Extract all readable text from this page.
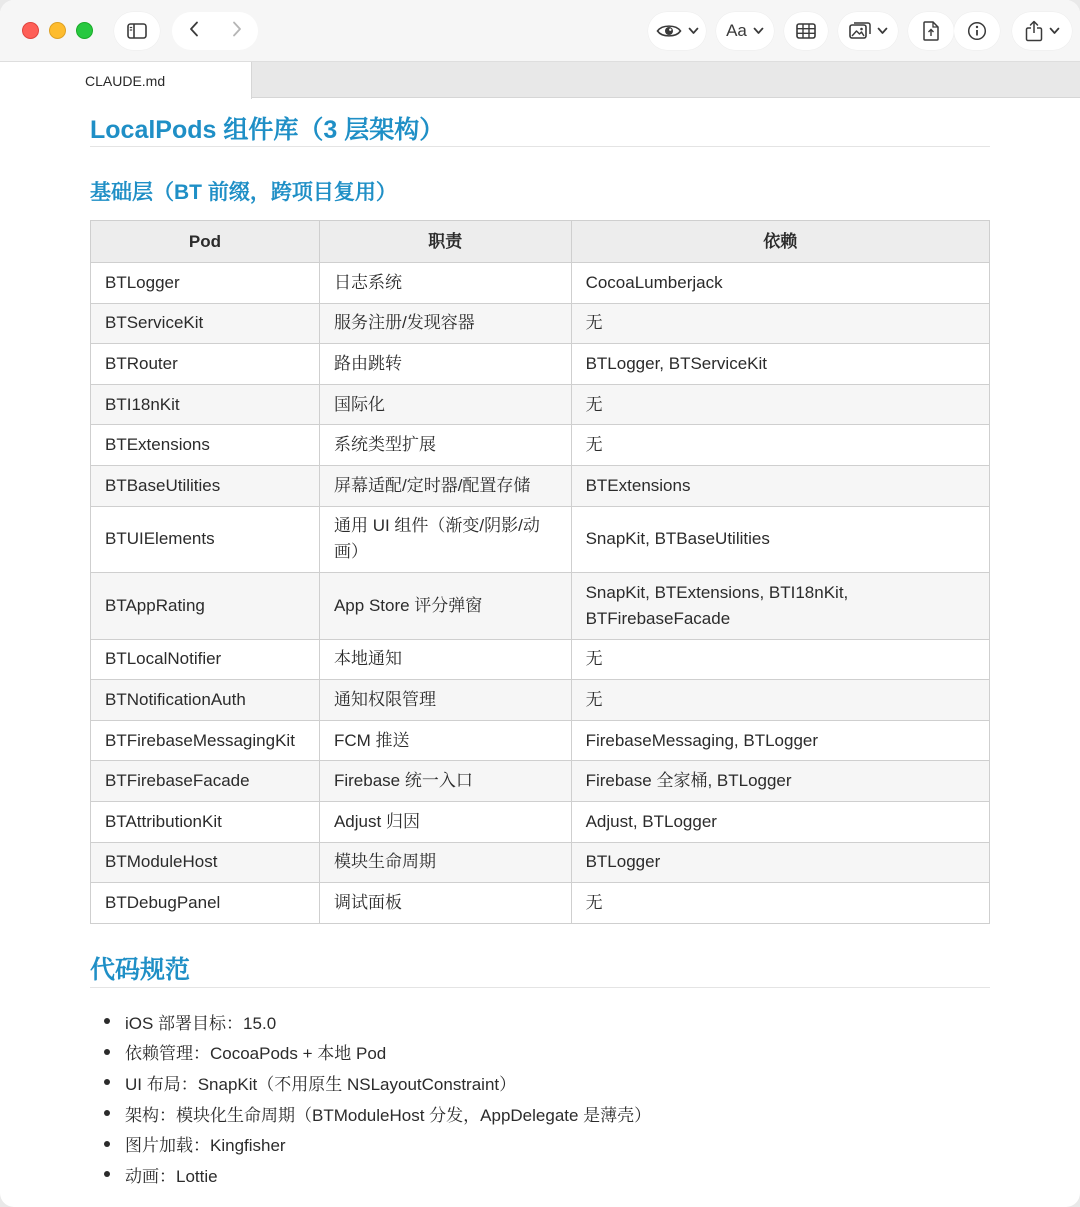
Aa
CLAUDE.md
LocalPods 组件库（3 层架构）
基础层（BT 前缀，跨项目复用）
Pod	职责	依赖
BTLogger	日志系统	CocoaLumberjack
BTServiceKit	服务注册/发现容器	无
BTRouter	路由跳转	BTLogger, BTServiceKit
BTI18nKit	国际化	无
BTExtensions	系统类型扩展	无
BTBaseUtilities	屏幕适配/定时器/配置存储	BTExtensions
BTUIElements	通用 UI 组件（渐变/阴影/动画）	SnapKit, BTBaseUtilities
BTAppRating	App Store 评分弹窗	SnapKit, BTExtensions, BTI18nKit, BTFirebaseFacade
BTLocalNotifier	本地通知	无
BTNotificationAuth	通知权限管理	无
BTFirebaseMessagingKit	FCM 推送	FirebaseMessaging, BTLogger
BTFirebaseFacade	Firebase 统一入口	Firebase 全家桶, BTLogger
BTAttributionKit	Adjust 归因	Adjust, BTLogger
BTModuleHost	模块生命周期	BTLogger
BTDebugPanel	调试面板	无
代码规范
iOS 部署目标：15.0
依赖管理：CocoaPods + 本地 Pod
UI 布局：SnapKit（不用原生 NSLayoutConstraint）
架构：模块化生命周期（BTModuleHost 分发，AppDelegate 是薄壳）
图片加载：Kingfisher
动画：Lottie
